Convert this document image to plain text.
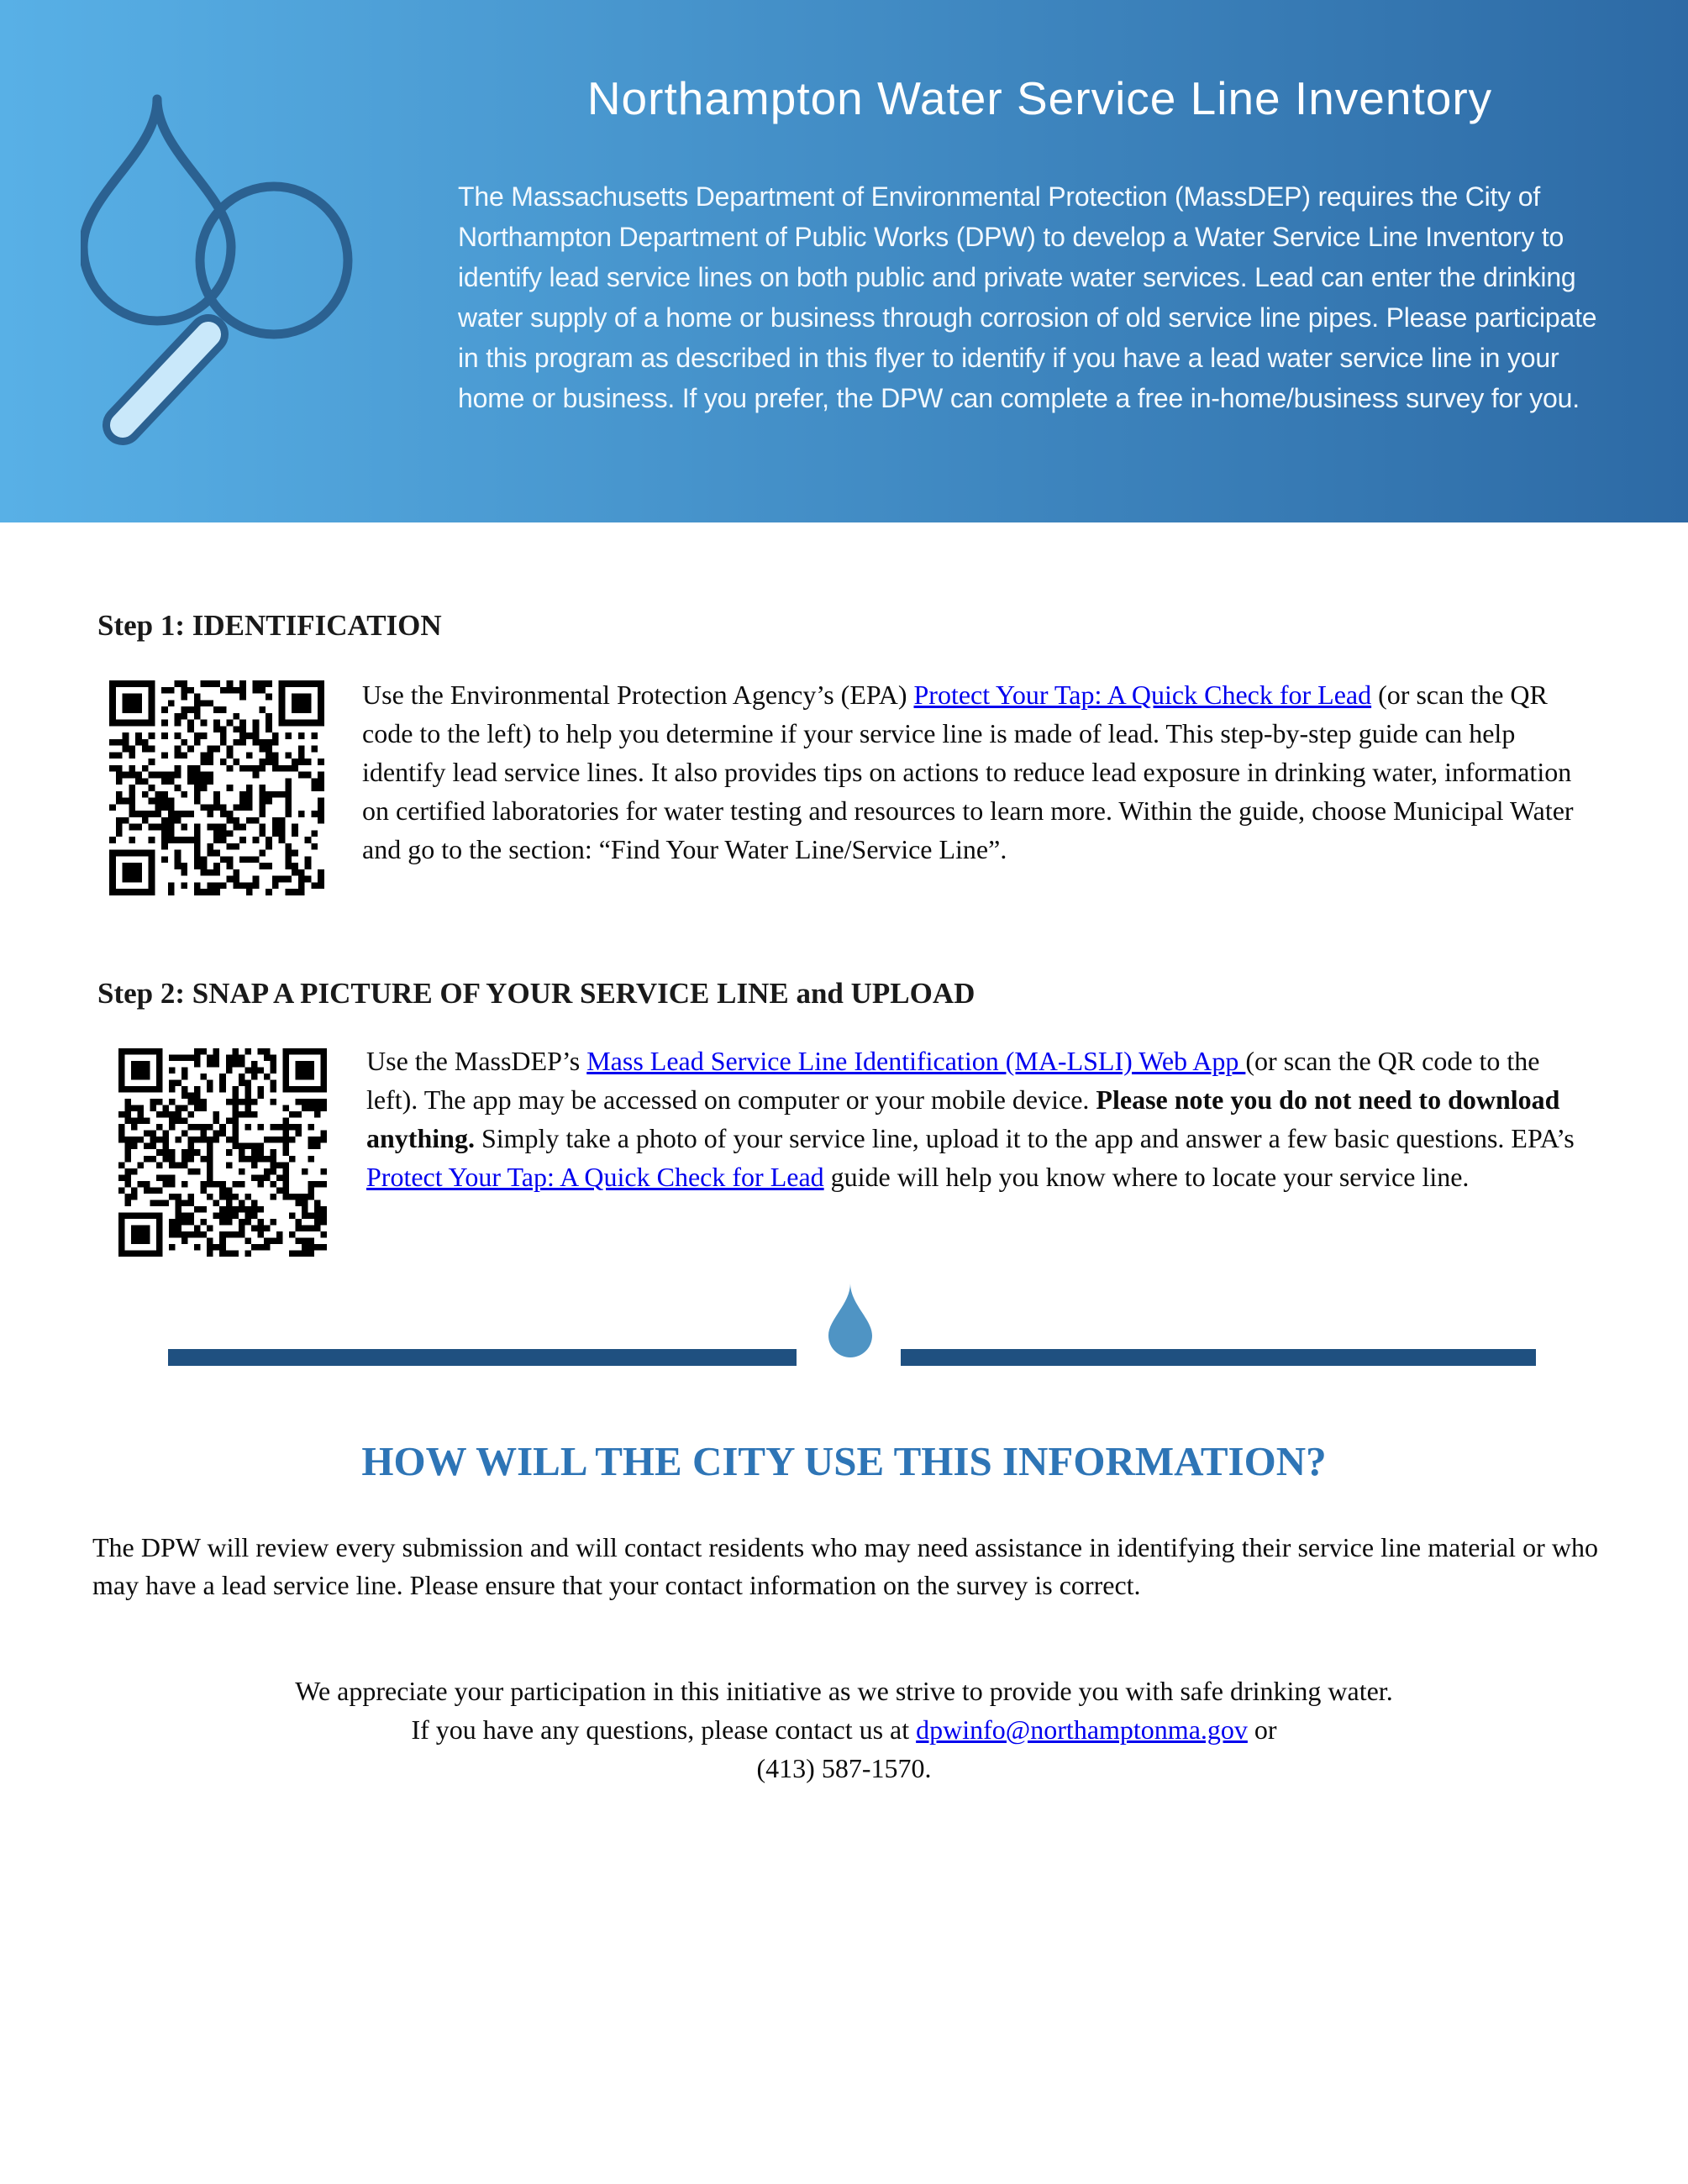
Northampton Water Service Line Inventory

The Massachusetts Department of Environmental Protection (MassDEP) requires the City of Northampton Department of Public Works (DPW) to develop a Water Service Line Inventory to identify lead service lines on both public and private water services. Lead can enter the drinking water supply of a home or business through corrosion of old service line pipes. Please participate in this program as described in this flyer to identify if you have a lead water service line in your home or business. If you prefer, the DPW can complete a free in-home/business survey for you.

Step 1: IDENTIFICATION

Use the Environmental Protection Agency’s (EPA) Protect Your Tap: A Quick Check for Lead (or scan the QR code to the left) to help you determine if your service line is made of lead. This step-by-step guide can help identify lead service lines. It also provides tips on actions to reduce lead exposure in drinking water, information on certified laboratories for water testing and resources to learn more. Within the guide, choose Municipal Water and go to the section: “Find Your Water Line/Service Line”.

Step 2: SNAP A PICTURE OF YOUR SERVICE LINE and UPLOAD

Use the MassDEP’s Mass Lead Service Line Identification (MA-LSLI) Web App (or scan the QR code to the left). The app may be accessed on computer or your mobile device. Please note you do not need to download anything. Simply take a photo of your service line, upload it to the app and answer a few basic questions. EPA’s Protect Your Tap: A Quick Check for Lead guide will help you know where to locate your service line.

HOW WILL THE CITY USE THIS INFORMATION?

The DPW will review every submission and will contact residents who may need assistance in identifying their service line material or who may have a lead service line. Please ensure that your contact information on the survey is correct.

We appreciate your participation in this initiative as we strive to provide you with safe drinking water.

If you have any questions, please contact us at dpwinfo@northamptonma.gov or

(413) 587-1570.
